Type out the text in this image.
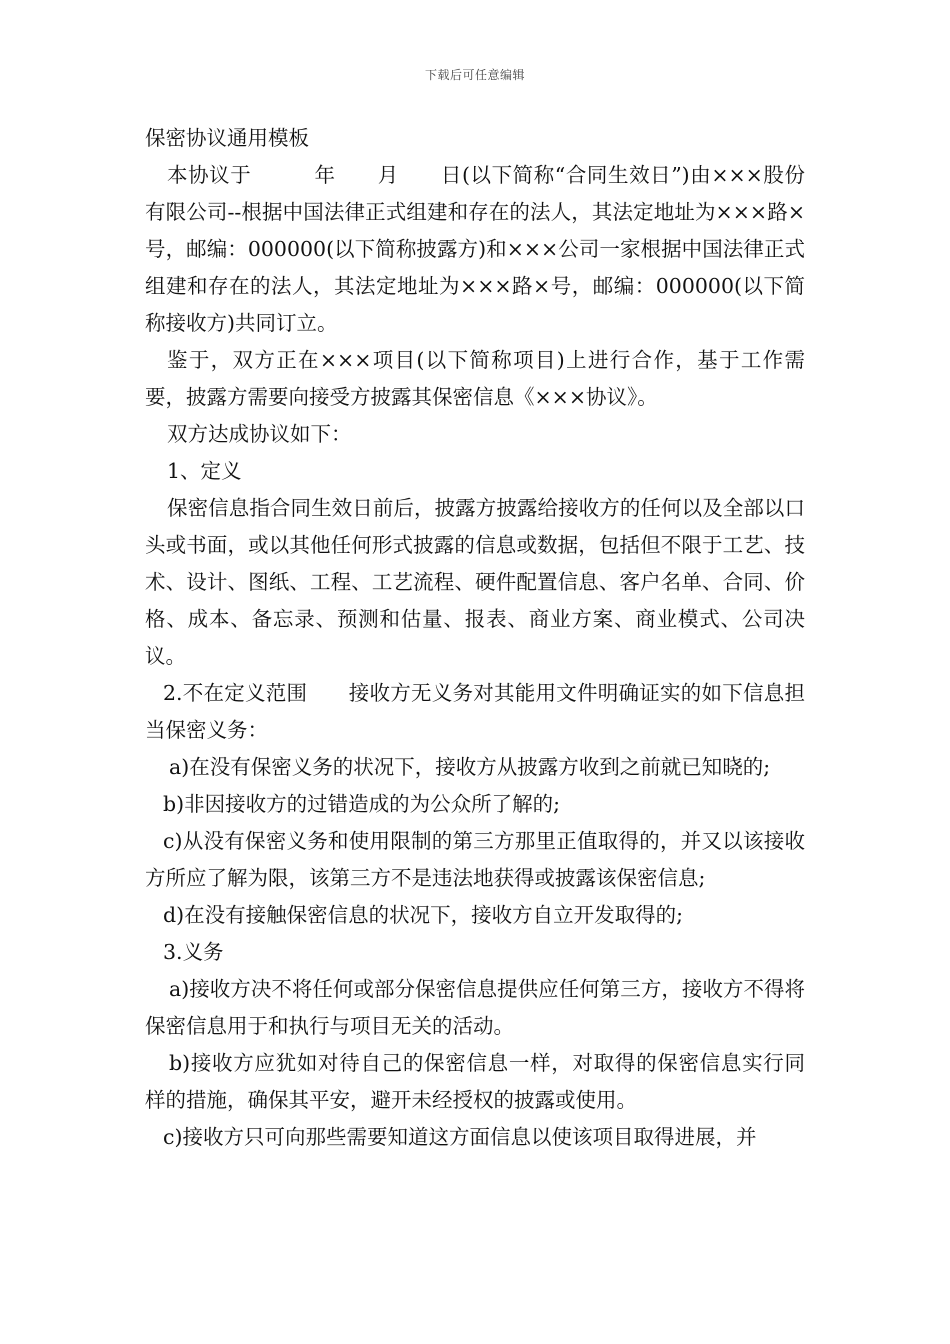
下载后可任意编辑

保密协议通用模板

本协议于　　　年　　月　　日(以下简称“合同生效日”)由×××股份有限公司--根据中国法律正式组建和存在的法人，其法定地址为×××路×号，邮编：000000(以下简称披露方)和×××公司一家根据中国法律正式组建和存在的法人，其法定地址为×××路×号，邮编：000000(以下简称接收方)共同订立。

鉴于，双方正在×××项目(以下简称项目)上进行合作，基于工作需要，披露方需要向接受方披露其保密信息《×××协议》。

双方达成协议如下：

1、定义

保密信息指合同生效日前后，披露方披露给接收方的任何以及全部以口头或书面，或以其他任何形式披露的信息或数据，包括但不限于工艺、技术、设计、图纸、工程、工艺流程、硬件配置信息、客户名单、合同、价格、成本、备忘录、预测和估量、报表、商业方案、商业模式、公司决议。

2.不在定义范围　　接收方无义务对其能用文件明确证实的如下信息担当保密义务：

a)在没有保密义务的状况下，接收方从披露方收到之前就已知晓的;

b)非因接收方的过错造成的为公众所了解的;

c)从没有保密义务和使用限制的第三方那里正值取得的，并又以该接收方所应了解为限，该第三方不是违法地获得或披露该保密信息;

d)在没有接触保密信息的状况下，接收方自立开发取得的;

3.义务

a)接收方决不将任何或部分保密信息提供应任何第三方，接收方不得将保密信息用于和执行与项目无关的活动。

b)接收方应犹如对待自己的保密信息一样，对取得的保密信息实行同样的措施，确保其平安，避开未经授权的披露或使用。

c)接收方只可向那些需要知道这方面信息以使该项目取得进展，并
